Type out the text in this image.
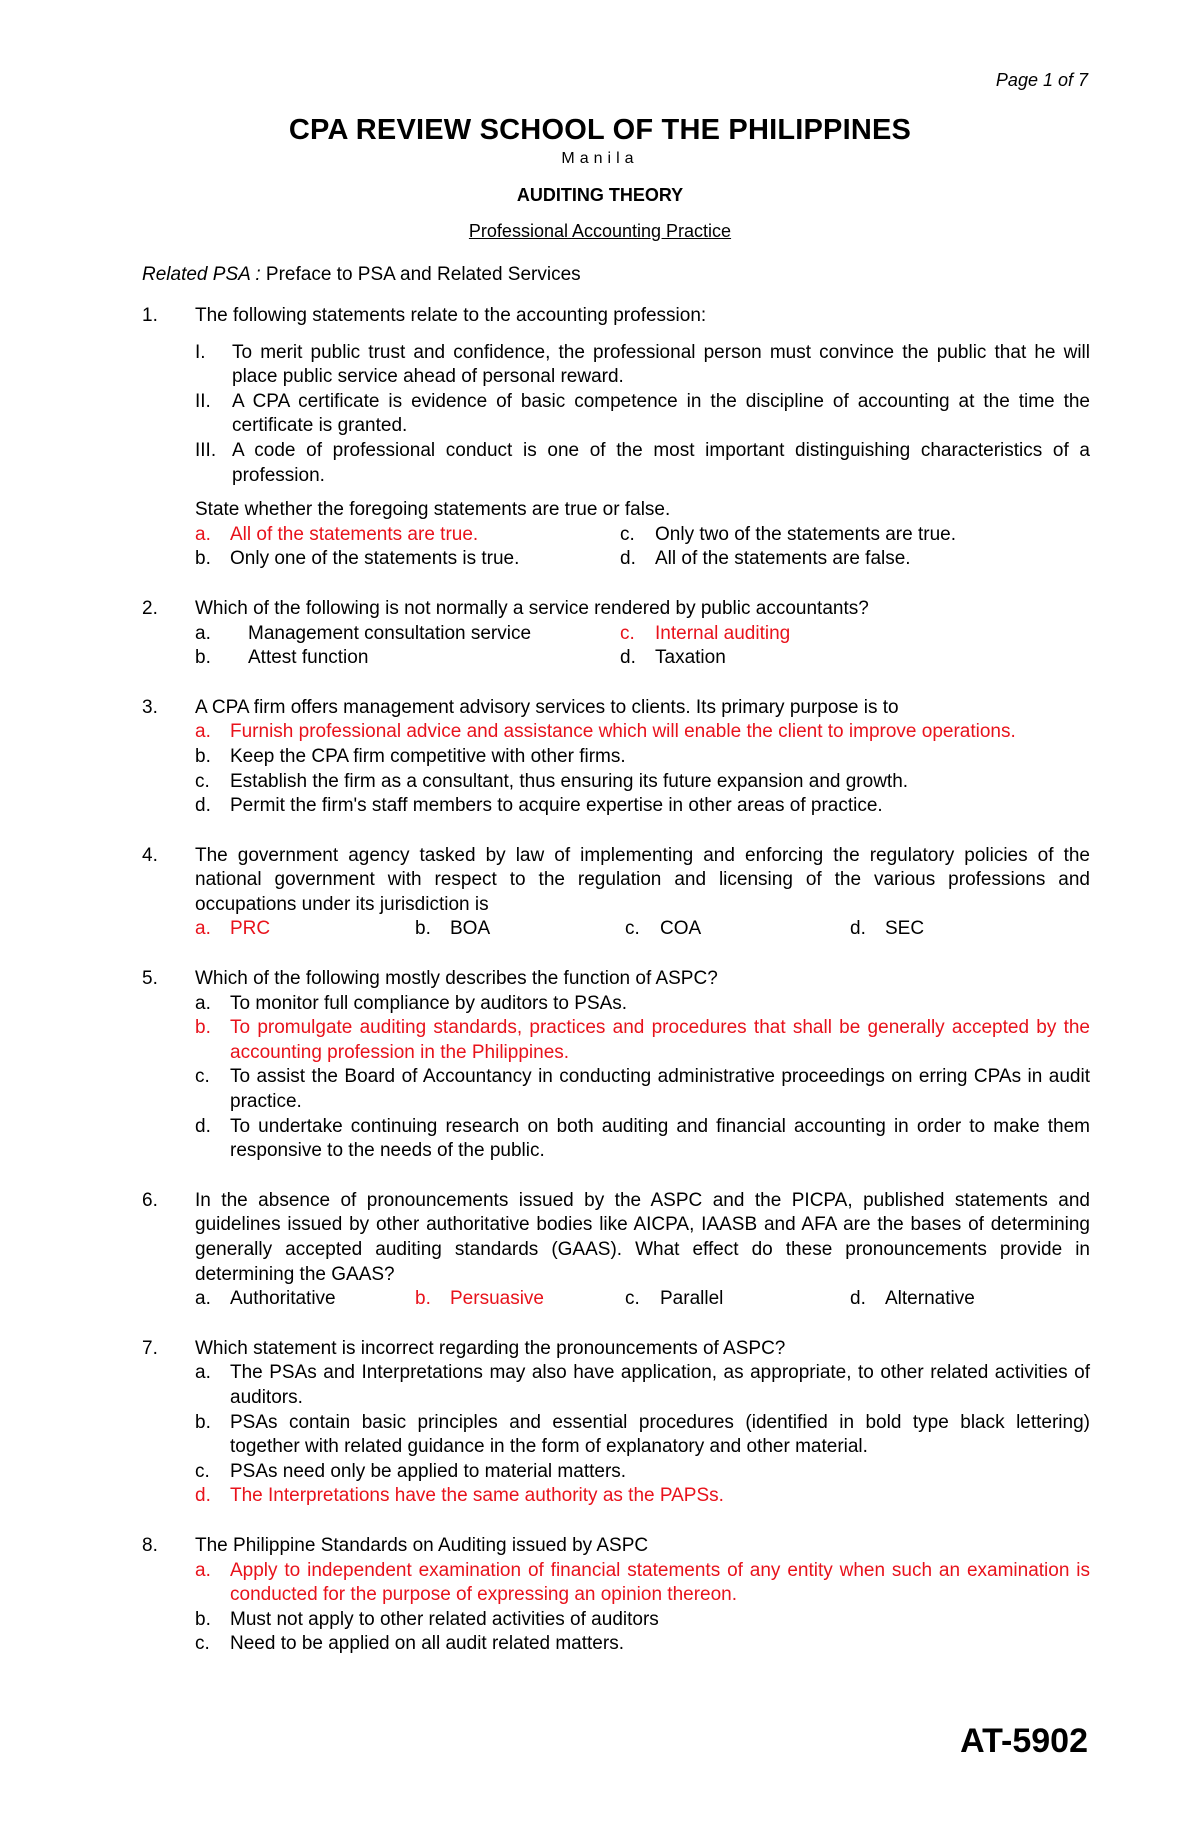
Page 1 of 7
CPA REVIEW SCHOOL OF THE PHILIPPINES
Manila
AUDITING THEORY
Professional Accounting Practice
Related PSA : Preface to PSA and Related Services
1. The following statements relate to the accounting profession:
I. To merit public trust and confidence, the professional person must convince the public that he will place public service ahead of personal reward.
II. A CPA certificate is evidence of basic competence in the discipline of accounting at the time the certificate is granted.
III. A code of professional conduct is one of the most important distinguishing characteristics of a profession.
State whether the foregoing statements are true or false.
a. All of the statements are true.	c. Only two of the statements are true.
b. Only one of the statements is true.	d. All of the statements are false.
2. Which of the following is not normally a service rendered by public accountants?
a. Management consultation service	c. Internal auditing
b. Attest function	d. Taxation
3. A CPA firm offers management advisory services to clients. Its primary purpose is to
a. Furnish professional advice and assistance which will enable the client to improve operations.
b. Keep the CPA firm competitive with other firms.
c. Establish the firm as a consultant, thus ensuring its future expansion and growth.
d. Permit the firm's staff members to acquire expertise in other areas of practice.
4. The government agency tasked by law of implementing and enforcing the regulatory policies of the national government with respect to the regulation and licensing of the various professions and occupations under its jurisdiction is
a. PRC	b. BOA	c. COA	d. SEC
5. Which of the following mostly describes the function of ASPC?
a. To monitor full compliance by auditors to PSAs.
b. To promulgate auditing standards, practices and procedures that shall be generally accepted by the accounting profession in the Philippines.
c. To assist the Board of Accountancy in conducting administrative proceedings on erring CPAs in audit practice.
d. To undertake continuing research on both auditing and financial accounting in order to make them responsive to the needs of the public.
6. In the absence of pronouncements issued by the ASPC and the PICPA, published statements and guidelines issued by other authoritative bodies like AICPA, IAASB and AFA are the bases of determining generally accepted auditing standards (GAAS). What effect do these pronouncements provide in determining the GAAS?
a. Authoritative	b. Persuasive	c. Parallel	d. Alternative
7. Which statement is incorrect regarding the pronouncements of ASPC?
a. The PSAs and Interpretations may also have application, as appropriate, to other related activities of auditors.
b. PSAs contain basic principles and essential procedures (identified in bold type black lettering) together with related guidance in the form of explanatory and other material.
c. PSAs need only be applied to material matters.
d. The Interpretations have the same authority as the PAPSs.
8. The Philippine Standards on Auditing issued by ASPC
a. Apply to independent examination of financial statements of any entity when such an examination is conducted for the purpose of expressing an opinion thereon.
b. Must not apply to other related activities of auditors
c. Need to be applied on all audit related matters.
AT-5902
